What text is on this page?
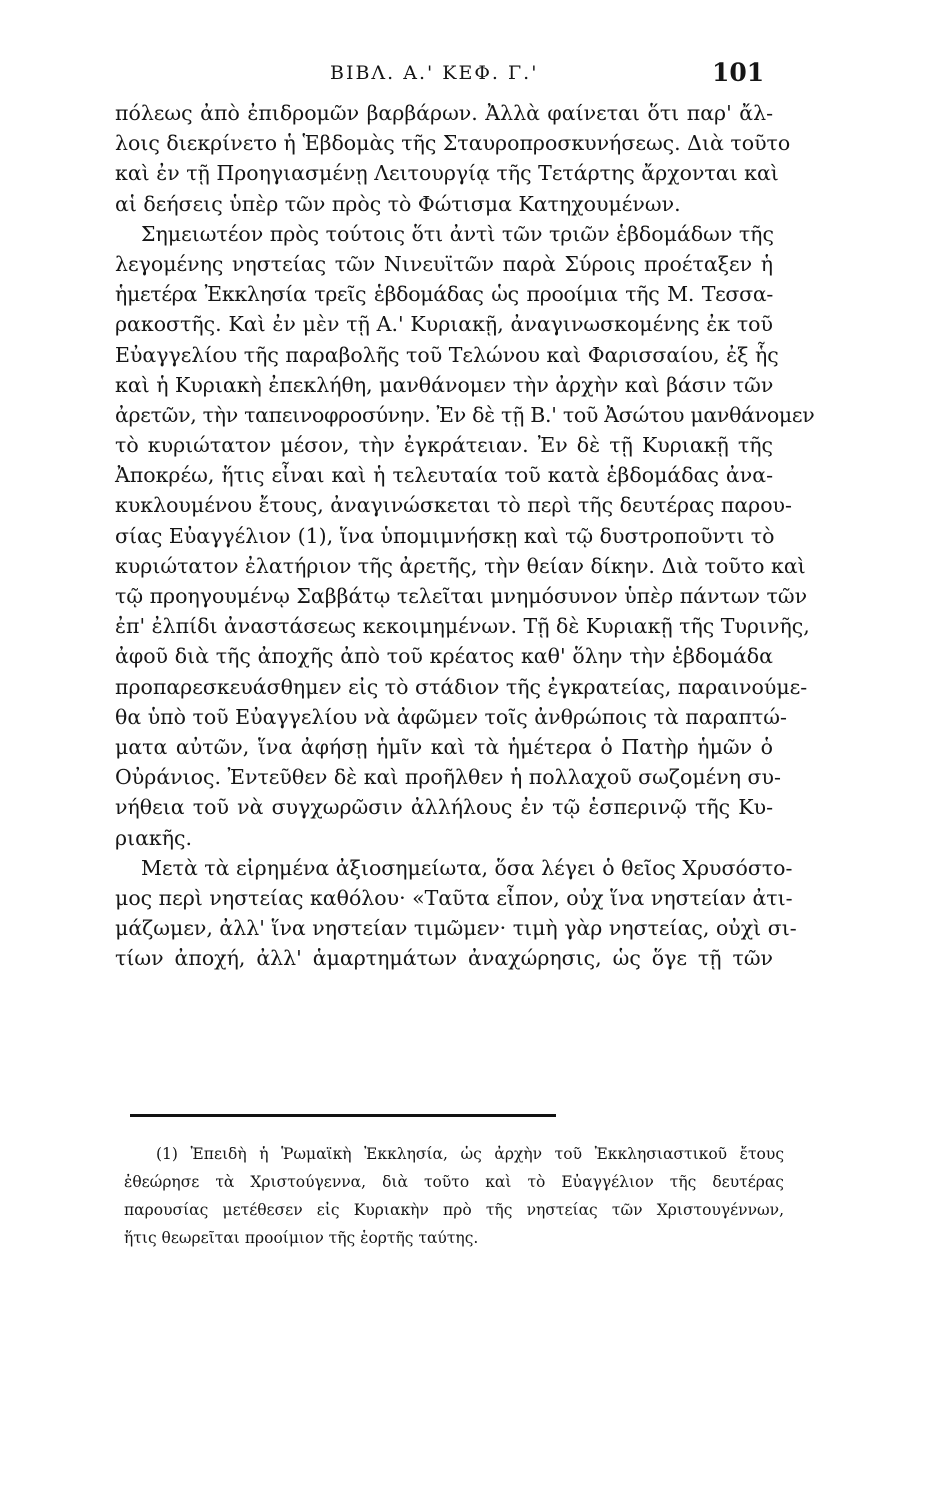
ΒΙΒΛ. Α.' ΚΕΦ. Γ.'	101
πόλεως ἀπὸ ἐπιδρομῶν βαρβάρων. Ἀλλὰ φαίνεται ὅτι παρ' ἄλ-
λοις διεκρίνετο ἡ Ἑβδομὰς τῆς Σταυροπροσκυνήσεως. Διὰ τοῦτο
καὶ ἐν τῇ Προηγιασμένῃ Λειτουργίᾳ τῆς Τετάρτης ἄρχονται καὶ
αἱ δεήσεις ὑπὲρ τῶν πρὸς τὸ Φώτισμα Κατηχουμένων.
Σημειωτέον πρὸς τούτοις ὅτι ἀντὶ τῶν τριῶν ἑβδομάδων τῆς
λεγομένης νηστείας τῶν Νινευϊτῶν παρὰ Σύροις προέταξεν ἡ
ἡμετέρα Ἐκκλησία τρεῖς ἑβδομάδας ὡς προοίμια τῆς Μ. Τεσσα-
ρακοστῆς. Καὶ ἐν μὲν τῇ Α.' Κυριακῇ, ἀναγινωσκομένης ἐκ τοῦ
Εὐαγγελίου τῆς παραβολῆς τοῦ Τελώνου καὶ Φαρισσαίου, ἐξ ἧς
καὶ ἡ Κυριακὴ ἐπεκλήθη, μανθάνομεν τὴν ἀρχὴν καὶ βάσιν τῶν
ἀρετῶν, τὴν ταπεινοφροσύνην. Ἐν δὲ τῇ Β.' τοῦ Ἀσώτου μανθάνομεν
τὸ κυριώτατον μέσον, τὴν ἐγκράτειαν. Ἐν δὲ τῇ Κυριακῇ τῆς
Ἀποκρέω, ἥτις εἶναι καὶ ἡ τελευταία τοῦ κατὰ ἑβδομάδας ἀνα-
κυκλουμένου ἔτους, ἀναγινώσκεται τὸ περὶ τῆς δευτέρας παρου-
σίας Εὐαγγέλιον (1), ἵνα ὑπομιμνήσκῃ καὶ τῷ δυστροποῦντι τὸ
κυριώτατον ἐλατήριον τῆς ἀρετῆς, τὴν θείαν δίκην. Διὰ τοῦτο καὶ
τῷ προηγουμένῳ Σαββάτῳ τελεῖται μνημόσυνον ὑπὲρ πάντων τῶν
ἐπ' ἐλπίδι ἀναστάσεως κεκοιμημένων. Τῇ δὲ Κυριακῇ τῆς Τυρινῆς,
ἀφοῦ διὰ τῆς ἀποχῆς ἀπὸ τοῦ κρέατος καθ' ὅλην τὴν ἑβδομάδα
προπαρεσκευάσθημεν εἰς τὸ στάδιον τῆς ἐγκρατείας, παραινούμε-
θα ὑπὸ τοῦ Εὐαγγελίου νὰ ἀφῶμεν τοῖς ἀνθρώποις τὰ παραπτώ-
ματα αὐτῶν, ἵνα ἀφήσῃ ἡμῖν καὶ τὰ ἡμέτερα ὁ Πατὴρ ἡμῶν ὁ
Οὐράνιος. Ἐντεῦθεν δὲ καὶ προῆλθεν ἡ πολλαχοῦ σωζομένη συ-
νήθεια τοῦ νὰ συγχωρῶσιν ἀλλήλους ἐν τῷ ἑσπερινῷ τῆς Κυ-
ριακῆς.
Μετὰ τὰ εἰρημένα ἀξιοσημείωτα, ὅσα λέγει ὁ θεῖος Χρυσόστο-
μος περὶ νηστείας καθόλου· «Ταῦτα εἶπον, οὐχ ἵνα νηστείαν ἀτι-
μάζωμεν, ἀλλ' ἵνα νηστείαν τιμῶμεν· τιμὴ γὰρ νηστείας, οὐχὶ σι-
τίων ἀποχή, ἀλλ' ἁμαρτημάτων ἀναχώρησις, ὡς ὅγε τῇ τῶν
(1) Ἐπειδὴ ἡ Ῥωμαϊκὴ Ἐκκλησία, ὡς ἀρχὴν τοῦ Ἐκκλησιαστικοῦ ἔτους
ἐθεώρησε τὰ Χριστούγεννα, διὰ τοῦτο καὶ τὸ Εὐαγγέλιον τῆς δευτέρας
παρουσίας μετέθεσεν εἰς Κυριακὴν πρὸ τῆς νηστείας τῶν Χριστουγέννων,
ἥτις θεωρεῖται προοίμιον τῆς ἑορτῆς ταύτης.
